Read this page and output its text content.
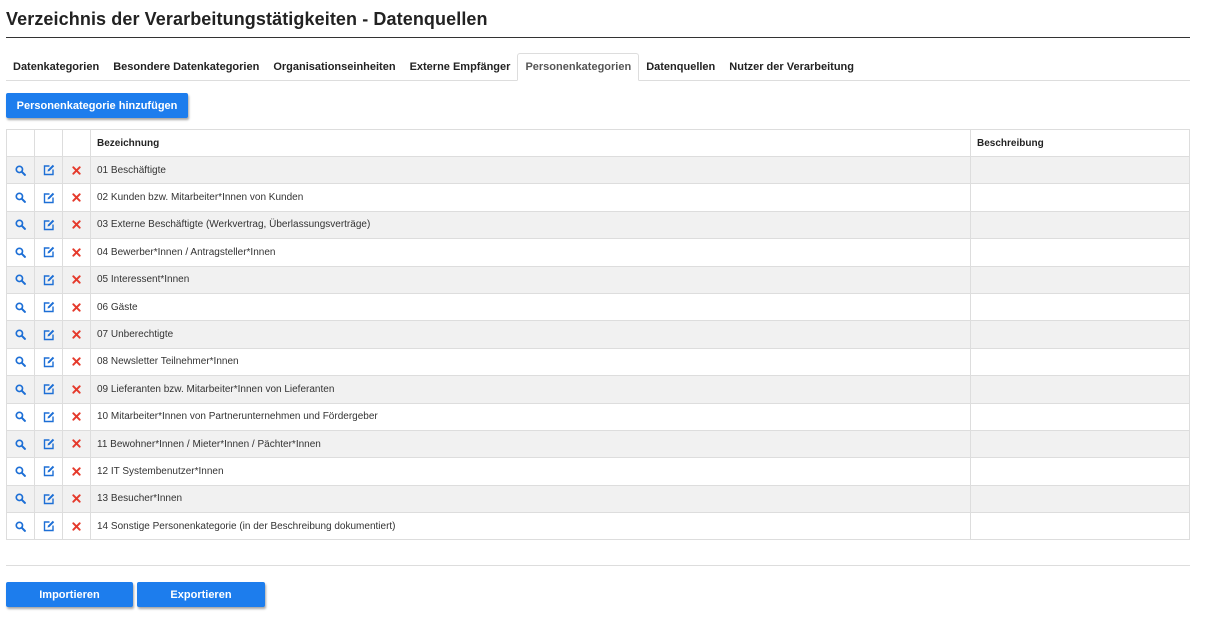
Verzeichnis der Verarbeitungstätigkeiten - Datenquellen
Datenkategorien	Besondere Datenkategorien	Organisationseinheiten	Externe Empfänger	Personenkategorien	Datenquellen	Nutzer der Verarbeitung
Personenkategorie hinzufügen
			Bezeichnung	Beschreibung

	01 Beschäftigte	

	02 Kunden bzw. Mitarbeiter*Innen von Kunden	

	03 Externe Beschäftigte (Werkvertrag, Überlassungsverträge)	

	04 Bewerber*Innen / Antragsteller*Innen	

	05 Interessent*Innen	

	06 Gäste	

	07 Unberechtigte	

	08 Newsletter Teilnehmer*Innen	

	09 Lieferanten bzw. Mitarbeiter*Innen von Lieferanten	

	10 Mitarbeiter*Innen von Partnerunternehmen und Fördergeber	

	11 Bewohner*Innen / Mieter*Innen / Pächter*Innen	

	12 IT Systembenutzer*Innen	

	13 Besucher*Innen	

	14 Sonstige Personenkategorie (in der Beschreibung dokumentiert)	
Importieren	Exportieren
